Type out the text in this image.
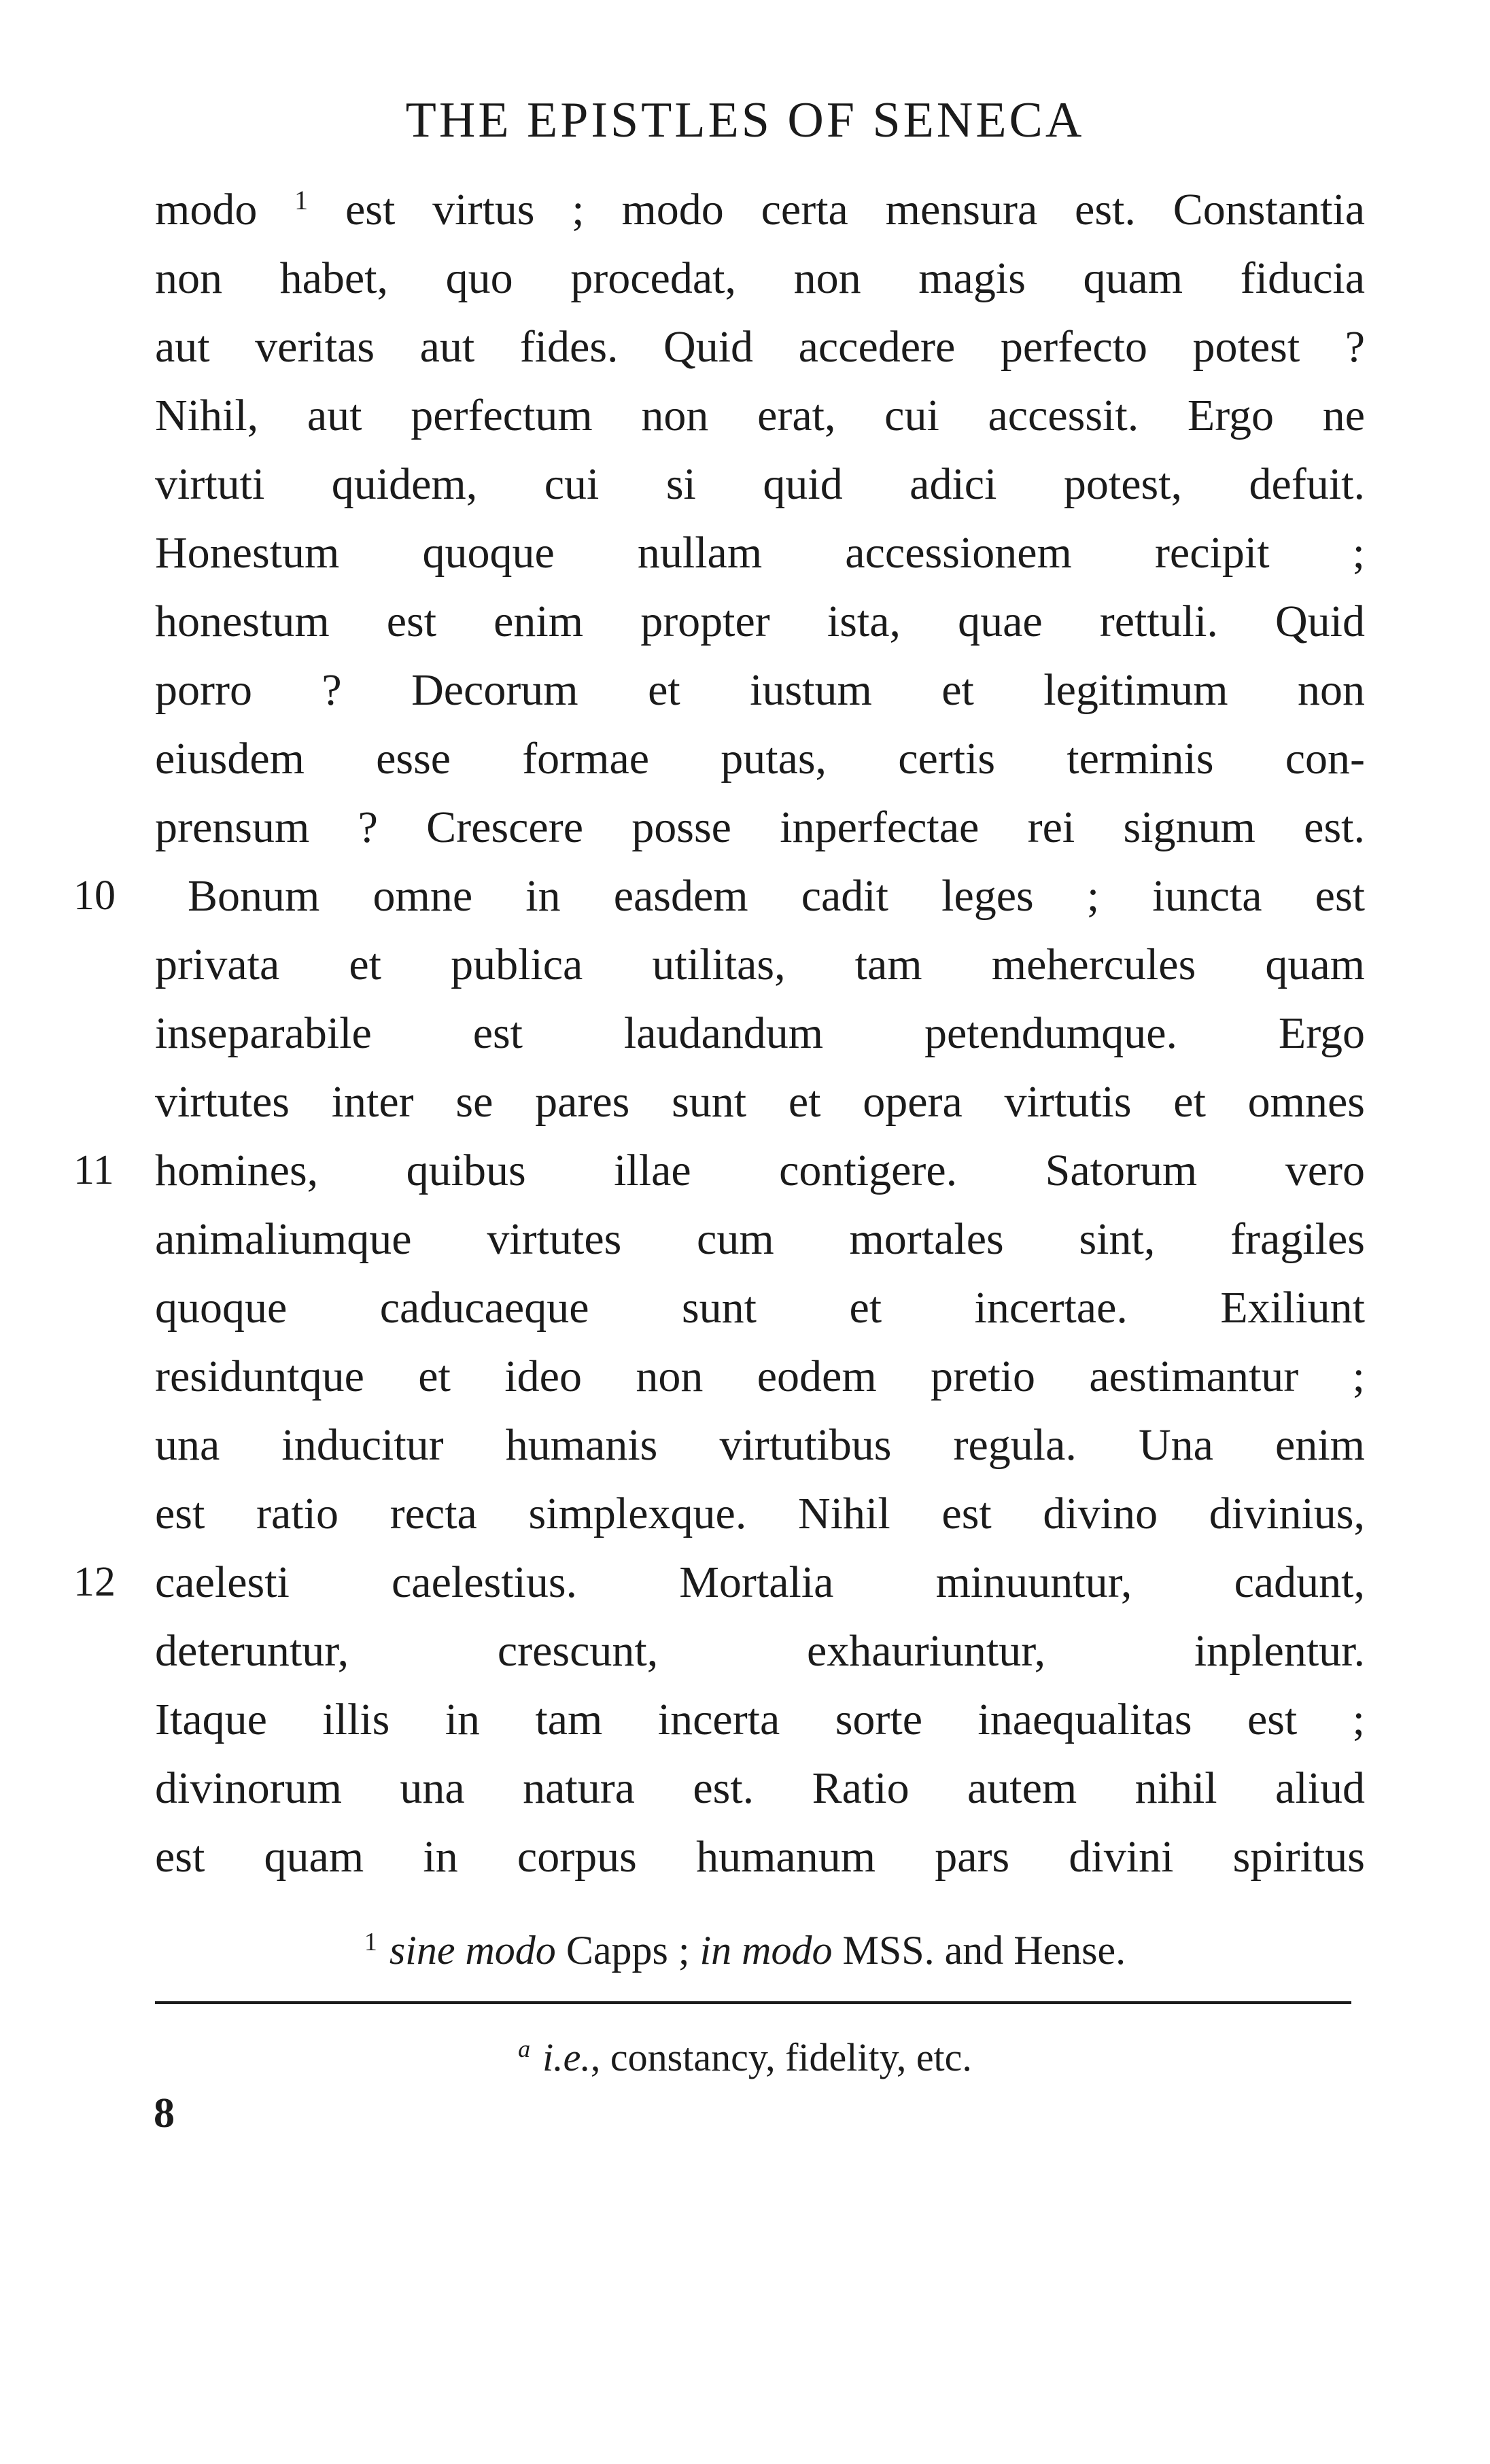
THE EPISTLES OF SENECA
modo $^1$ est virtus ; modo certa mensura est. Constantia
non habet, quo procedat, non magis quam fiducia
aut veritas aut fides. Quid accedere perfecto potest ?
Nihil, aut perfectum non erat, cui accessit. Ergo ne
virtuti quidem, cui si quid adici potest, defuit.
Honestum quoque nullam accessionem recipit ;
honestum est enim propter ista, quae rettuli. Quid
porro ? Decorum et iustum et legitimum non
eiusdem esse formae putas, certis terminis con-
prensum ? Crescere posse inperfectae rei signum est.
10	Bonum omne in easdem cadit leges ; iuncta est
privata et publica utilitas, tam mehercules quam
inseparabile est laudandum petendumque. Ergo
virtutes inter se pares sunt et opera virtutis et omnes
11 homines, quibus illae contigere. Satorum vero
animaliumque virtutes cum mortales sint, fragiles
quoque caducaeque sunt et incertae. Exiliunt
residuntque et ideo non eodem pretio aestimantur ;
una inducitur humanis virtutibus regula. Una enim
est ratio recta simplexque. Nihil est divino divinius,
12 caelesti caelestius. Mortalia minuuntur, cadunt,
deteruntur, crescunt, exhauriuntur, inplentur.
Itaque illis in tam incerta sorte inaequalitas est ;
divinorum una natura est. Ratio autem nihil aliud
est quam in corpus humanum pars divini spiritus
$^1$ sine modo Capps ; in modo MSS. and Hense.
$^a$ i.e., constancy, fidelity, etc.
8
